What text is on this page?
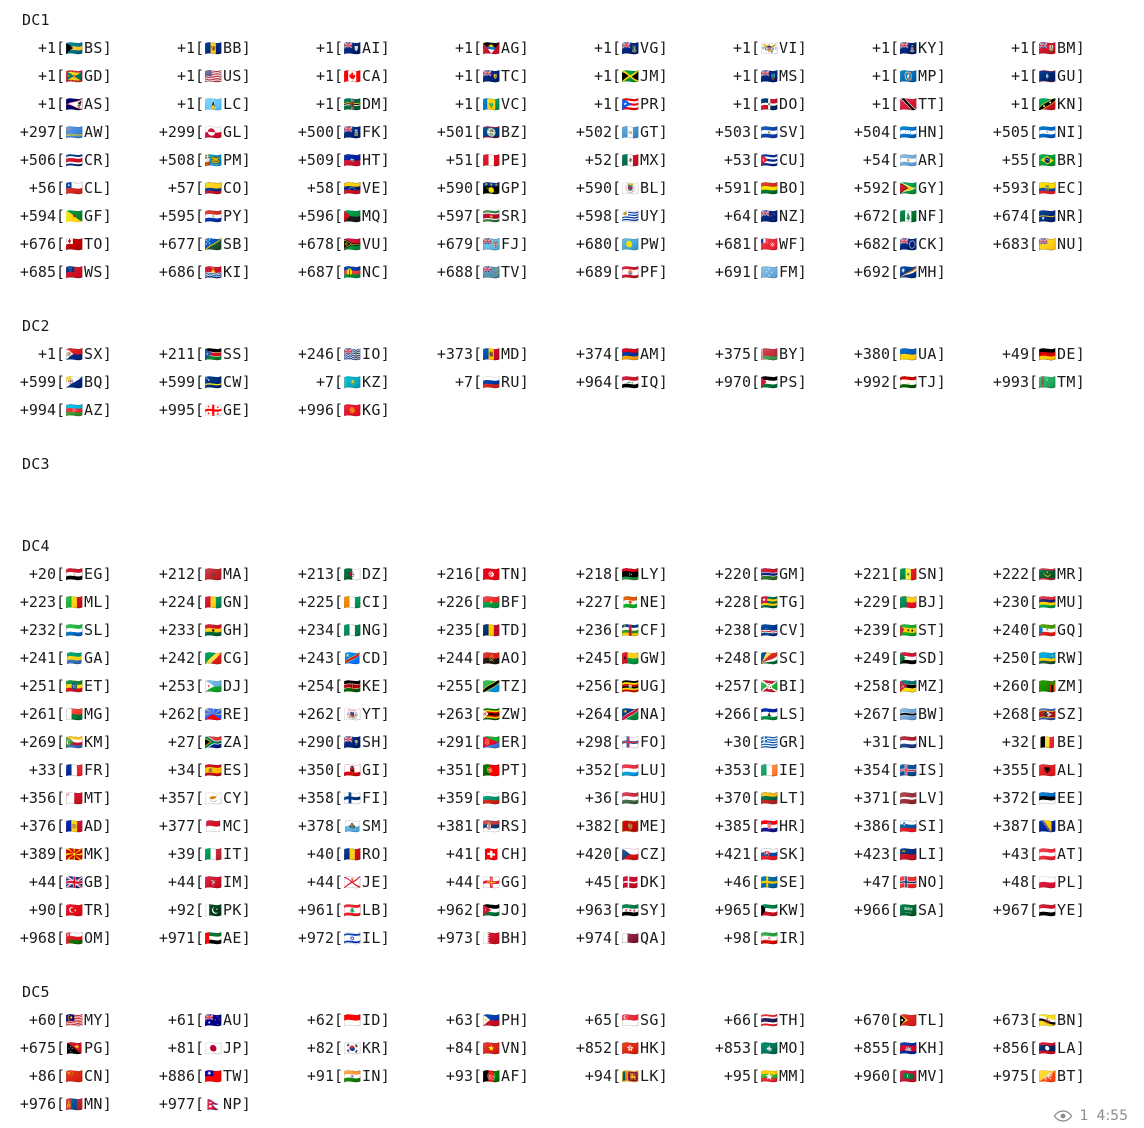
DC1
+1[🇧🇸BS]	+1[🇧🇧BB]	+1[🇦🇮AI]	+1[🇦🇬AG]	+1[🇻🇬VG]	+1[🇻🇮VI]	+1[🇰🇾KY]	+1[🇧🇲BM]
+1[🇬🇩GD]	+1[🇺🇸US]	+1[🇨🇦CA]	+1[🇹🇨TC]	+1[🇯🇲JM]	+1[🇲🇸MS]	+1[🇲🇵MP]	+1[🇬🇺GU]
+1[🇦🇸AS]	+1[🇱🇨LC]	+1[🇩🇲DM]	+1[🇻🇨VC]	+1[🇵🇷PR]	+1[🇩🇴DO]	+1[🇹🇹TT]	+1[🇰🇳KN]
+297[🇦🇼AW]	+299[🇬🇱GL]	+500[🇫🇰FK]	+501[🇧🇿BZ]	+502[🇬🇹GT]	+503[🇸🇻SV]	+504[🇭🇳HN]	+505[🇳🇮NI]
+506[🇨🇷CR]	+508[🇵🇲PM]	+509[🇭🇹HT]	+51[🇵🇪PE]	+52[🇲🇽MX]	+53[🇨🇺CU]	+54[🇦🇷AR]	+55[🇧🇷BR]
+56[🇨🇱CL]	+57[🇨🇴CO]	+58[🇻🇪VE]	+590[🇬🇵GP]	+590[🇧🇱BL]	+591[🇧🇴BO]	+592[🇬🇾GY]	+593[🇪🇨EC]
+594[🇬🇫GF]	+595[🇵🇾PY]	+596[🇲🇶MQ]	+597[🇸🇷SR]	+598[🇺🇾UY]	+64[🇳🇿NZ]	+672[🇳🇫NF]	+674[🇳🇷NR]
+676[🇹🇴TO]	+677[🇸🇧SB]	+678[🇻🇺VU]	+679[🇫🇯FJ]	+680[🇵🇼PW]	+681[🇼🇫WF]	+682[🇨🇰CK]	+683[🇳🇺NU]
+685[🇼🇸WS]	+686[🇰🇮KI]	+687[🇳🇨NC]	+688[🇹🇻TV]	+689[🇵🇫PF]	+691[🇫🇲FM]	+692[🇲🇭MH]
DC2
+1[🇸🇽SX]	+211[🇸🇸SS]	+246[🇮🇴IO]	+373[🇲🇩MD]	+374[🇦🇲AM]	+375[🇧🇾BY]	+380[🇺🇦UA]	+49[🇩🇪DE]
+599[🇧🇶BQ]	+599[🇨🇼CW]	+7[🇰🇿KZ]	+7[🇷🇺RU]	+964[🇮🇶IQ]	+970[🇵🇸PS]	+992[🇹🇯TJ]	+993[🇹🇲TM]
+994[🇦🇿AZ]	+995[🇬🇪GE]	+996[🇰🇬KG]
DC3
DC4
+20[🇪🇬EG]	+212[🇲🇦MA]	+213[🇩🇿DZ]	+216[🇹🇳TN]	+218[🇱🇾LY]	+220[🇬🇲GM]	+221[🇸🇳SN]	+222[🇲🇷MR]
+223[🇲🇱ML]	+224[🇬🇳GN]	+225[🇨🇮CI]	+226[🇧🇫BF]	+227[🇳🇪NE]	+228[🇹🇬TG]	+229[🇧🇯BJ]	+230[🇲🇺MU]
+232[🇸🇱SL]	+233[🇬🇭GH]	+234[🇳🇬NG]	+235[🇹🇩TD]	+236[🇨🇫CF]	+238[🇨🇻CV]	+239[🇸🇹ST]	+240[🇬🇶GQ]
+241[🇬🇦GA]	+242[🇨🇬CG]	+243[🇨🇩CD]	+244[🇦🇴AO]	+245[🇬🇼GW]	+248[🇸🇨SC]	+249[🇸🇩SD]	+250[🇷🇼RW]
+251[🇪🇹ET]	+253[🇩🇯DJ]	+254[🇰🇪KE]	+255[🇹🇿TZ]	+256[🇺🇬UG]	+257[🇧🇮BI]	+258[🇲🇿MZ]	+260[🇿🇲ZM]
+261[🇲🇬MG]	+262[🇷🇪RE]	+262[🇾🇹YT]	+263[🇿🇼ZW]	+264[🇳🇦NA]	+266[🇱🇸LS]	+267[🇧🇼BW]	+268[🇸🇿SZ]
+269[🇰🇲KM]	+27[🇿🇦ZA]	+290[🇸🇭SH]	+291[🇪🇷ER]	+298[🇫🇴FO]	+30[🇬🇷GR]	+31[🇳🇱NL]	+32[🇧🇪BE]
+33[🇫🇷FR]	+34[🇪🇸ES]	+350[🇬🇮GI]	+351[🇵🇹PT]	+352[🇱🇺LU]	+353[🇮🇪IE]	+354[🇮🇸IS]	+355[🇦🇱AL]
+356[🇲🇹MT]	+357[🇨🇾CY]	+358[🇫🇮FI]	+359[🇧🇬BG]	+36[🇭🇺HU]	+370[🇱🇹LT]	+371[🇱🇻LV]	+372[🇪🇪EE]
+376[🇦🇩AD]	+377[🇲🇨MC]	+378[🇸🇲SM]	+381[🇷🇸RS]	+382[🇲🇪ME]	+385[🇭🇷HR]	+386[🇸🇮SI]	+387[🇧🇦BA]
+389[🇲🇰MK]	+39[🇮🇹IT]	+40[🇷🇴RO]	+41[🇨🇭CH]	+420[🇨🇿CZ]	+421[🇸🇰SK]	+423[🇱🇮LI]	+43[🇦🇹AT]
+44[🇬🇧GB]	+44[🇮🇲IM]	+44[🇯🇪JE]	+44[🇬🇬GG]	+45[🇩🇰DK]	+46[🇸🇪SE]	+47[🇳🇴NO]	+48[🇵🇱PL]
+90[🇹🇷TR]	+92[🇵🇰PK]	+961[🇱🇧LB]	+962[🇯🇴JO]	+963[🇸🇾SY]	+965[🇰🇼KW]	+966[🇸🇦SA]	+967[🇾🇪YE]
+968[🇴🇲OM]	+971[🇦🇪AE]	+972[🇮🇱IL]	+973[🇧🇭BH]	+974[🇶🇦QA]	+98[🇮🇷IR]
DC5
+60[🇲🇾MY]	+61[🇦🇺AU]	+62[🇮🇩ID]	+63[🇵🇭PH]	+65[🇸🇬SG]	+66[🇹🇭TH]	+670[🇹🇱TL]	+673[🇧🇳BN]
+675[🇵🇬PG]	+81[🇯🇵JP]	+82[🇰🇷KR]	+84[🇻🇳VN]	+852[🇭🇰HK]	+853[🇲🇴MO]	+855[🇰🇭KH]	+856[🇱🇦LA]
+86[🇨🇳CN]	+886[🇹🇼TW]	+91[🇮🇳IN]	+93[🇦🇫AF]	+94[🇱🇰LK]	+95[🇲🇲MM]	+960[🇲🇻MV]	+975[🇧🇹BT]
+976[🇲🇳MN]	+977[🇳🇵NP]
1 4:55
